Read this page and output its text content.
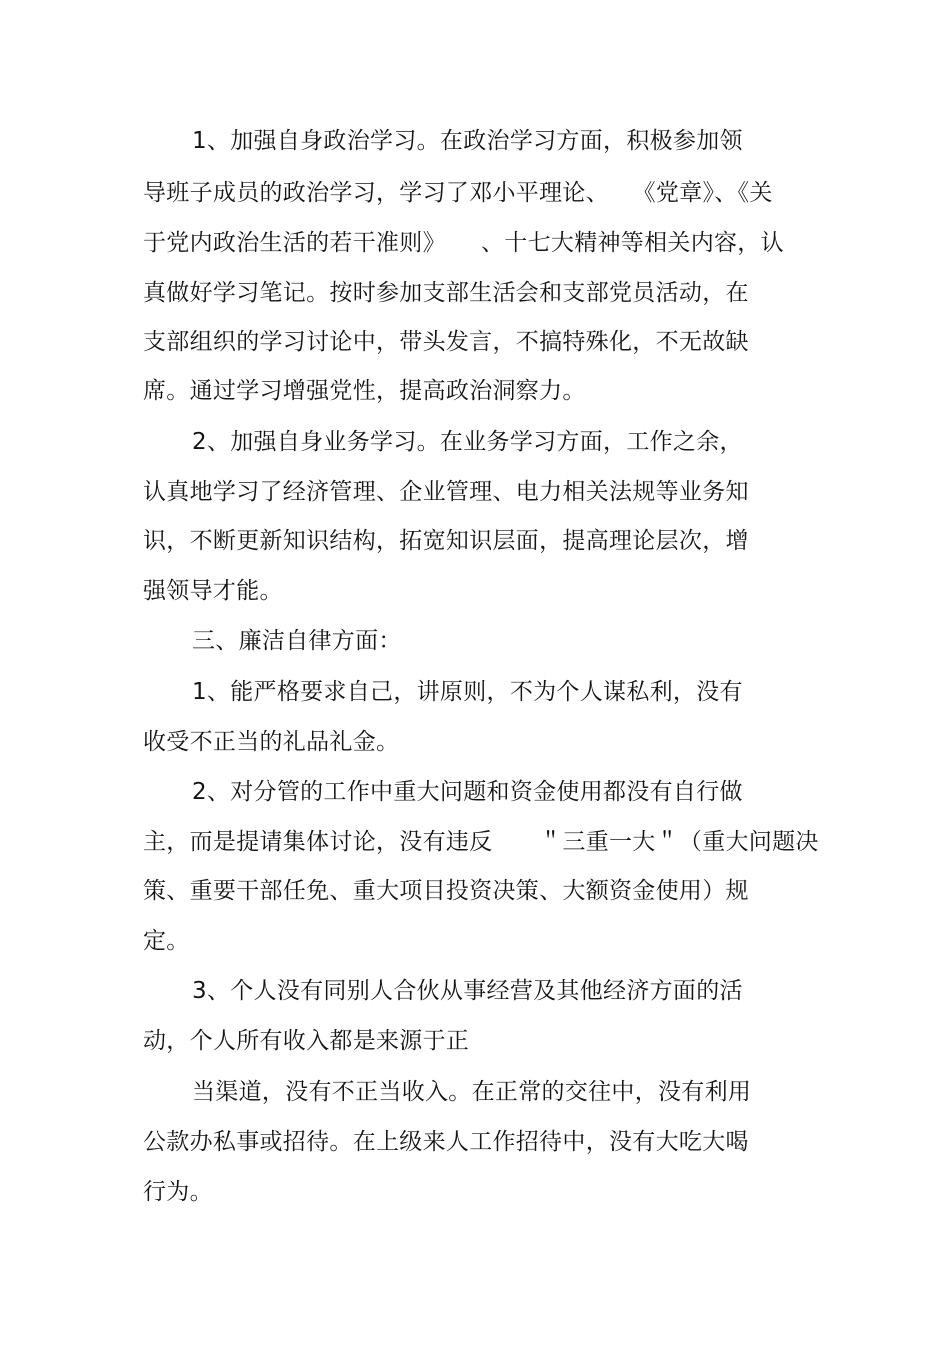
1、加强自身政治学习。在政治学习方面，积极参加领
导班子成员的政治学习，学习了邓小平理论、　　《党章》、《关
于党内政治生活的若干准则》　　、十七大精神等相关内容，认
真做好学习笔记。按时参加支部生活会和支部党员活动，在
支部组织的学习讨论中，带头发言，不搞特殊化，不无故缺
席。通过学习增强党性，提高政治洞察力。
2、加强自身业务学习。在业务学习方面，工作之余，
认真地学习了经济管理、企业管理、电力相关法规等业务知
识，不断更新知识结构，拓宽知识层面，提高理论层次，增
强领导才能。
三、廉洁自律方面：
1、能严格要求自己，讲原则，不为个人谋私利，没有
收受不正当的礼品礼金。
2、对分管的工作中重大问题和资金使用都没有自行做
主，而是提请集体讨论，没有违反　　＂三重一大＂（重大问题决
策、重要干部任免、重大项目投资决策、大额资金使用）规
定。
3、个人没有同别人合伙从事经营及其他经济方面的活
动，个人所有收入都是来源于正
当渠道，没有不正当收入。在正常的交往中，没有利用
公款办私事或招待。在上级来人工作招待中，没有大吃大喝
行为。
